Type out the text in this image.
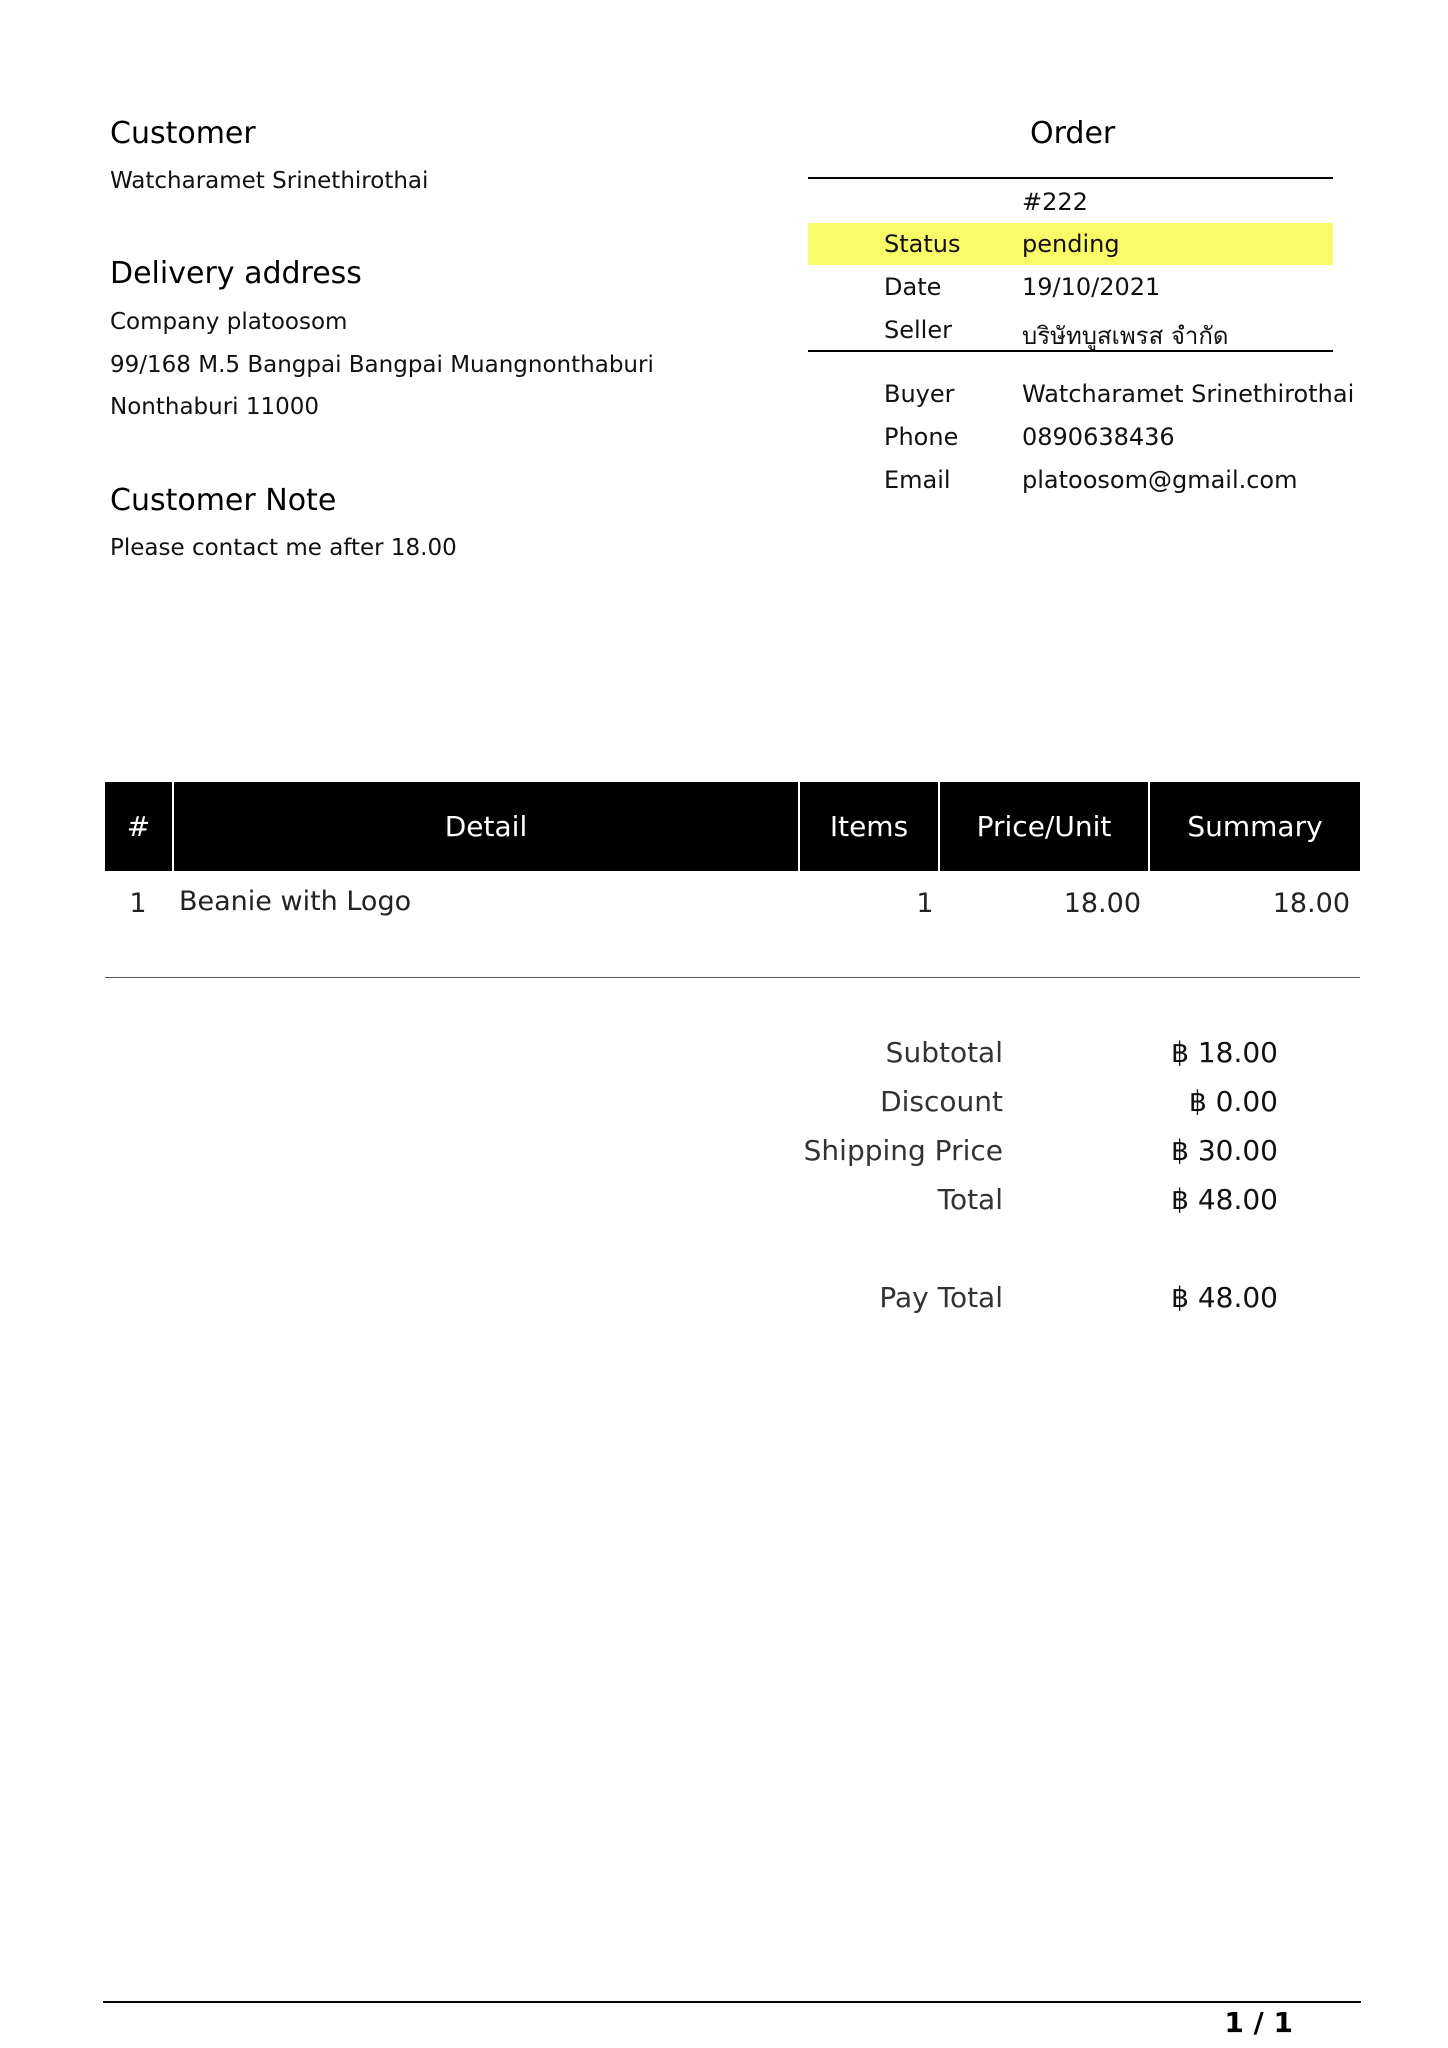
Customer
Watcharamet Srinethirothai
Delivery address
Company platoosom
99/168 M.5 Bangpai Bangpai Muangnonthaburi
Nonthaburi 11000
Customer Note
Please contact me after 18.00
Order
#222
Status	pending
Date	19/10/2021
Seller	บริษัทบูสเพรส จำกัด
Buyer	Watcharamet Srinethirothai
Phone	0890638436
Email	platoosom@gmail.com
#	Detail	Items	Price/Unit	Summary
1 Beanie with Logo	1	18.00	18.00
Subtotal	฿ 18.00
Discount	฿ 0.00
Shipping Price	฿ 30.00
Total	฿ 48.00
Pay Total	฿ 48.00
1 / 1
